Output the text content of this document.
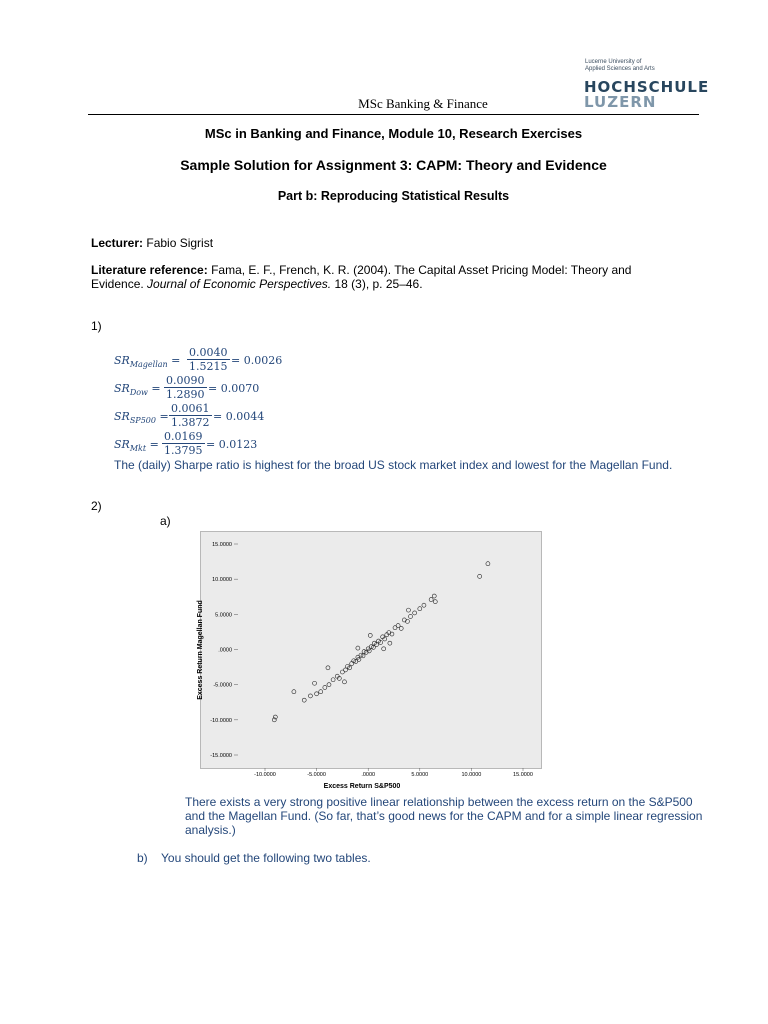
Lucerne University of
Applied Sciences and Arts
HOCHSCHULE
LUZERN
MSc Banking & Finance
MSc in Banking and Finance, Module 10, Research Exercises
Sample Solution for Assignment 3: CAPM: Theory and Evidence
Part b: Reproducing Statistical Results
Lecturer: Fabio Sigrist
Literature reference: Fama, E. F., French, K. R. (2004). The Capital Asset Pricing Model: Theory and
Evidence. Journal of Economic Perspectives. 18 (3), p. 25–46.
1)
$SR_{Magellan} = \frac{0.0040}{1.5215} = 0.0026$
$SR_{Dow} = \frac{0.0090}{1.2890} = 0.0070$
$SR_{SP500} = \frac{0.0061}{1.3872} = 0.0044$
$SR_{Mkt} = \frac{0.0169}{1.3795} = 0.0123$
The (daily) Sharpe ratio is highest for the broad US stock market index and lowest for the Magellan Fund.
2)
a)
-15.0000
-10.0000
-5.0000
.0000
5.0000
10.0000
15.0000
-10.0000	-5.0000	.0000	5.0000	10.0000	15.0000
Excess Return S&P500
Excess Return Magellan Fund
There exists a very strong positive linear relationship between the excess return on the S&P500 and the Magellan Fund. (So far, that’s good news for the CAPM and for a simple linear regression analysis.)
b)	You should get the following two tables.
